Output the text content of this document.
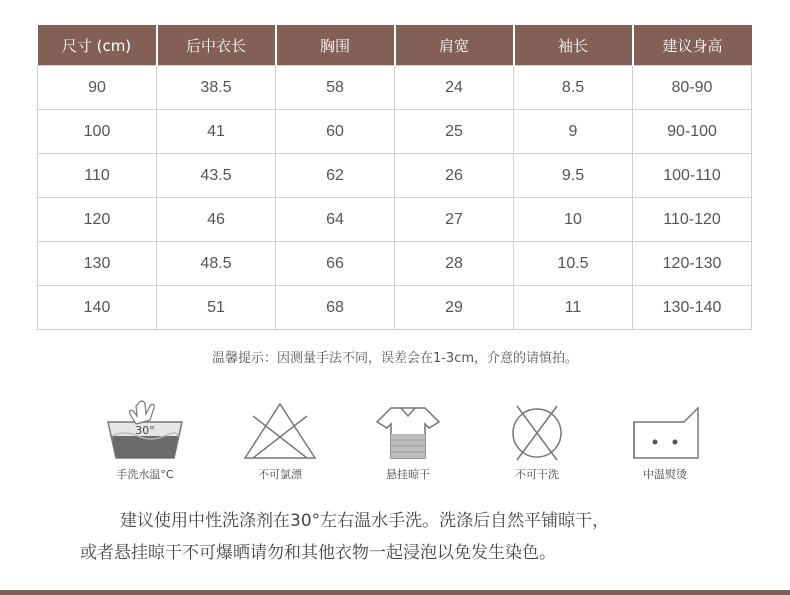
尺寸 (cm)	后中衣长	胸围	肩宽	袖长	建议身高
90	38.5	58	24	8.5	80-90
100	41	60	25	9	90-100
110	43.5	62	26	9.5	100-110
120	46	64	27	10	110-120
130	48.5	66	28	10.5	120-130
140	51	68	29	11	130-140
温馨提示：因测量手法不同，误差会在1-3cm，介意的请慎拍。
30°
手洗水温°C	不可氯漂	悬挂晾干	不可干洗	中温熨烫
建议使用中性洗涤剂在30°左右温水手洗。洗涤后自然平铺晾干，
或者悬挂晾干不可爆晒请勿和其他衣物一起浸泡以免发生染色。
